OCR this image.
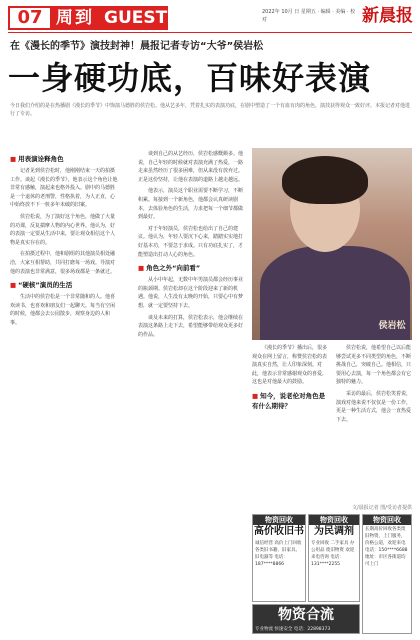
07 周到 GUEST	2022年 10月 日 星期五 · 编辑 · 美编 · 校对	新晨报
在《漫长的季节》演技封神！晨报记者专访“大爷”侯岩松
一身硬功底，百味好表演
今日我们介绍的是在热播剧《漫长的季节》中饰演马德胜的侯岩松。他从艺多年，凭着扎实的表演功底，在剧中塑造了一个有血有肉的角色，演技获得观众一致好评。本报记者对他进行了专访。
■ 用表演诠释角色

记者见到侯岩松时，他刚刚结束一天的拍摄工作。谈起《漫长的季节》，他表示这个角色让他非常有感触，演起来也格外投入。剧中的马德胜是一个退休的老刑警，性格执着，为人正直，心中始终放不下一桩多年未破的旧案。

侯岩松说，为了演好这个角色，他做了大量的功课，反复揣摩人物的内心世界。他认为，好的表演一定要从生活中来，要让观众相信这个人物是真实存在的。

在拍摄过程中，他和剧组的其他演员相处融洽，大家互相帮助，共同打磨每一场戏。导演对他的表演也非常满意，很多场戏都是一条就过。

■ “硬核”演员的生活

生活中的侯岩松是一个非常随和的人。他喜欢读书，也喜欢和朋友们一起聊天。每当有空闲的时候，他都会去公园散步，观察身边的人和事。

谈到自己的从艺经历，侯岩松感慨颇多。他说，自己年轻的时候就对表演充满了热爱，一路走来虽然经历了很多困难，但从来没有放弃过。正是这份坚持，让他在表演的道路上越走越远。

他表示，演员这个职业需要不断学习，不断积累。每接到一个新角色，他都会认真研读剧本，去体验角色的生活，力求把每一个细节都做到最好。

对于年轻演员，侯岩松也给出了自己的建议。他认为，年轻人要沉下心来，踏踏实实地打好基本功，不要急于求成。只有功底扎实了，才能塑造出打动人心的角色。

■ 角色之外“向前看”

从小中年起，无数中年男演员都会经历事业的瓶颈期。侯岩松却在这个阶段迎来了新的机遇。他说，人生没有太晚的开始，只要心中有梦想，就一定要坚持下去。

谈及未来的打算，侯岩松表示，他会继续在表演这条路上走下去，希望能够带给观众更多好的作品。

侯岩松

《漫长的季节》播出后，很多观众在网上留言，称赞侯岩松的表演真实自然，让人印象深刻。对此，他表示非常感谢观众的喜爱，这也是对他最大的鼓励。

■ 知今，说老伦对角色是有什么期待？

侯岩松说，他希望自己以后能够尝试更多不同类型的角色，不断挑战自己，突破自己。他相信，只要用心去演，每一个角色都会有它独特的魅力。

采访的最后，侯岩松笑着说，演戏对他来说不仅仅是一份工作，更是一种生活方式，他会一直热爱下去。

文/晨报记者 图/受访者提供
物资回收
高价收旧书
诚信经营 高价上门回收各类旧书籍、旧家具、旧电器等 电话：187****8866
物资回收
为民调剂
专业回收 二手家具 办公用品 废旧物资 欢迎来电咨询 电话：131****2255
物资回收
长期高价回收各类废旧物资，上门服务，价格公道，欢迎来电 电话：150****6688 地址：市区各街道均可上门
物资合流
专业物流 快速安全 电话：22898373
